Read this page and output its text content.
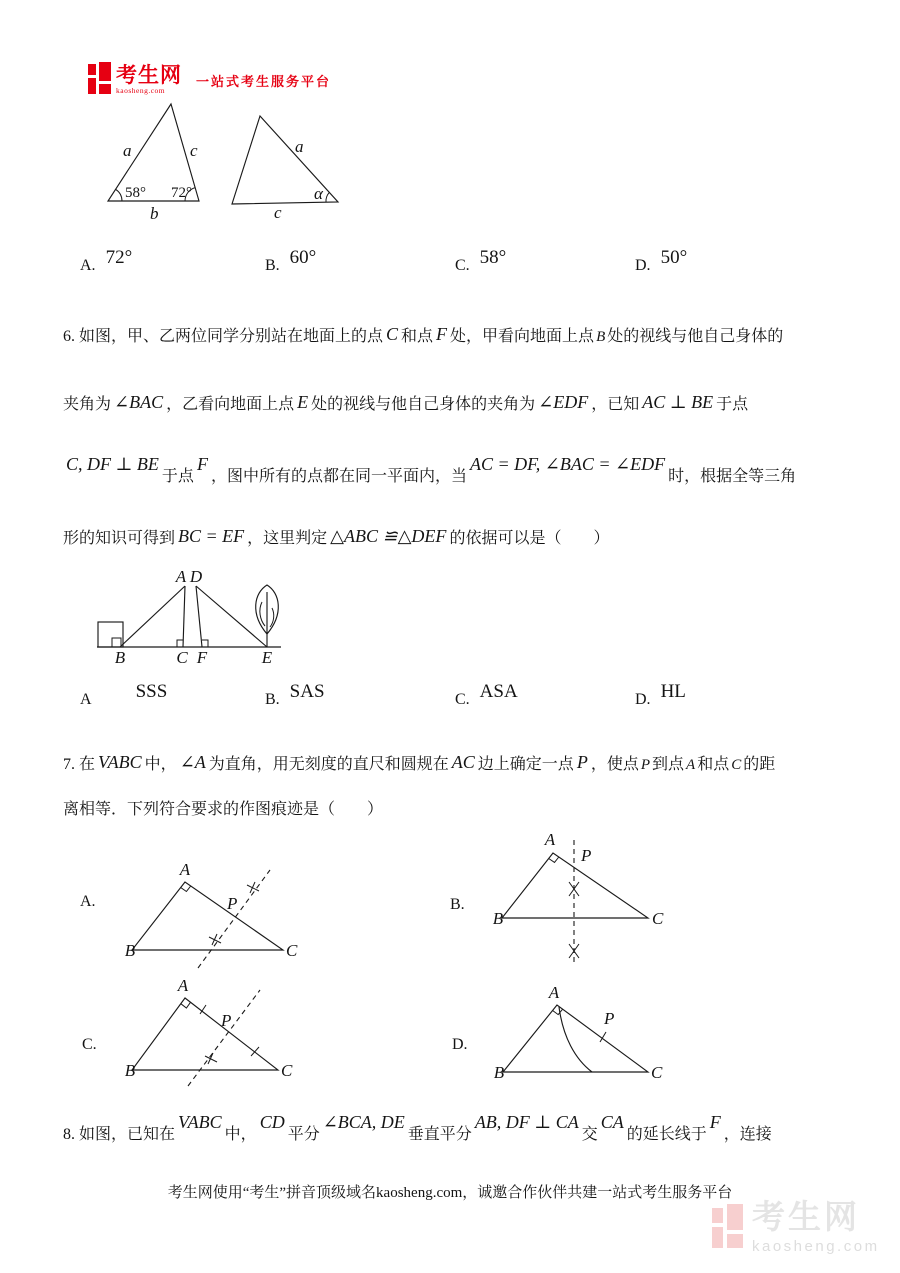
考生网
kaosheng.com
一站式考生服务平台
a	c
b
58° 72°
a
c
α
A. 72°	B. 60°	C. 58°	D. 50°
6. 如图，甲、乙两位同学分别站在地面上的点 C 和点 F 处，甲看向地面上点 B 处的视线与他自己身体的
夹角为 ∠BAC ，乙看向地面上点 E 处的视线与他自己身体的夹角为 ∠EDF ，已知 AC ⊥ BE 于点
C, DF ⊥ BE于点F，图中所有的点都在同一平面内，当AC = DF, ∠BAC = ∠EDF时，根据全等三角
形的知识可得到 BC = EF ，这里判定 △ABC ≌△DEF 的依据可以是（　　）
A D
B	C F	E
A SSS	B. SAS	C. ASA	D. HL
7. 在 VABC 中， ∠A 为直角，用无刻度的直尺和圆规在 AC 边上确定一点 P ，使点 P 到点 A 和点 C 的距
离相等．下列符合要求的作图痕迹是（　　）
A.
A
B	C
P	B.
A
B	C
P
C.
A
B	C
P
D.
A
B	C
P
8. 如图，已知在VABC中，CD平分∠BCA, DE垂直平分AB, DF ⊥ CA交CA的延长线于F，连接
考生网使用“考生”拼音顶级域名kaosheng.com，诚邀合作伙伴共建一站式考生服务平台
考生网
kaosheng.com
